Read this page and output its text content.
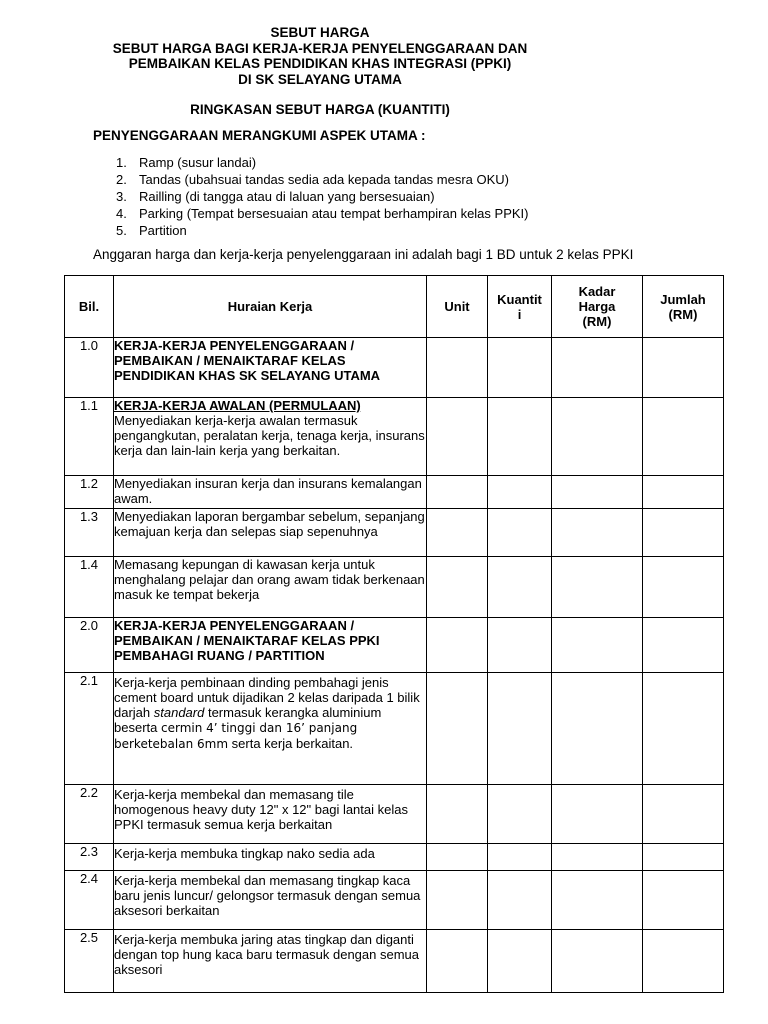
SEBUT HARGA
SEBUT HARGA BAGI KERJA-KERJA PENYELENGGARAAN DAN
PEMBAIKAN KELAS PENDIDIKAN KHAS INTEGRASI (PPKI)
DI SK SELAYANG UTAMA
RINGKASAN SEBUT HARGA (KUANTITI)
PENYENGGARAAN MERANGKUMI ASPEK UTAMA :
1. Ramp (susur landai)
2. Tandas (ubahsuai tandas sedia ada kepada tandas mesra OKU)
3. Railling (di tangga atau di laluan yang bersesuaian)
4. Parking (Tempat bersesuaian atau tempat berhampiran kelas PPKI)
5. Partition
Anggaran harga dan kerja-kerja penyelenggaraan ini adalah bagi 1 BD untuk 2 kelas PPKI
Bil.	Huraian Kerja	Unit	Kuantit i	Kadar Harga (RM)	Jumlah (RM)
1.0	KERJA-KERJA PENYELENGGARAAN / PEMBAIKAN / MENAIKTARAF KELAS PENDIDIKAN KHAS SK SELAYANG UTAMA				

1.1	KERJA-KERJA AWALAN (PERMULAAN)
Menyediakan kerja-kerja awalan termasuk pengangkutan, peralatan kerja, tenaga kerja, insurans kerja dan lain-lain kerja yang berkaitan.				

1.2	Menyediakan insuran kerja dan insurans kemalangan awam.				

1.3	Menyediakan laporan bergambar sebelum, sepanjang kemajuan kerja dan selepas siap sepenuhnya				

1.4	Memasang kepungan di kawasan kerja untuk menghalang pelajar dan orang awam tidak berkenaan masuk ke tempat bekerja				

2.0	KERJA-KERJA PENYELENGGARAAN / PEMBAIKAN / MENAIKTARAF KELAS PPKI PEMBAHAGI RUANG / PARTITION				

2.1	Kerja-kerja pembinaan dinding pembahagi jenis cement board untuk dijadikan 2 kelas daripada 1 bilik darjah standard termasuk kerangka aluminium beserta cermin 4’ tinggi dan 16’ panjang berketebalan 6mm serta kerja berkaitan.				
2.2	Kerja-kerja membekal dan memasang tile homogenous heavy duty 12" x 12" bagi lantai kelas PPKI termasuk semua kerja berkaitan				

2.3	Kerja-kerja membuka tingkap nako sedia ada				

2.4	Kerja-kerja membekal dan memasang tingkap kaca baru jenis luncur/ gelongsor termasuk dengan semua aksesori berkaitan				

2.5	Kerja-kerja membuka jaring atas tingkap dan diganti dengan top hung kaca baru termasuk dengan semua aksesori				
